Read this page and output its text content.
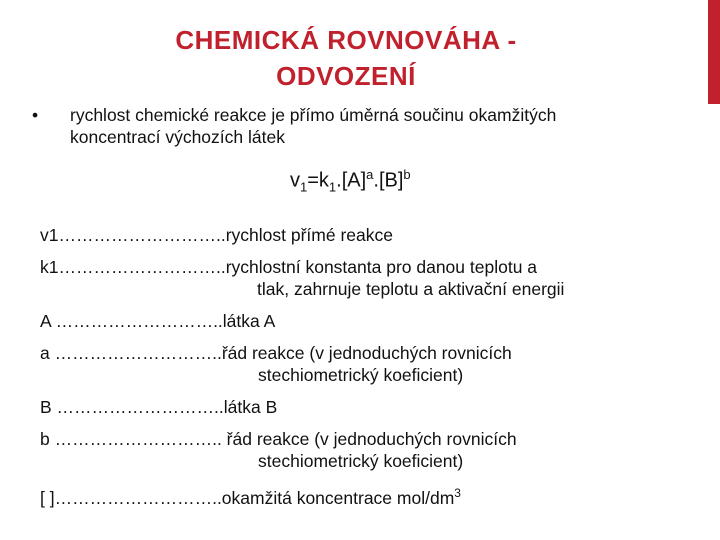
CHEMICKÁ ROVNOVÁHA -
ODVOZENÍ
• rychlost chemické reakce je přímo úměrná součinu okamžitých
koncentrací výchozích látek
$v_1=k_1.[A]^a.[B]^b$
v1………………………..rychlost přímé reakce
k1………………………..rychlostní konstanta pro danou teplotu a
tlak, zahrnuje teplotu a aktivační energii
A ………………………..látka A
a ………………………..řád reakce (v jednoduchých rovnicích
stechiometrický koeficient)
B ………………………..látka B
b ……………………….. řád reakce (v jednoduchých rovnicích
stechiometrický koeficient)
[ ]………………………..okamžitá koncentrace mol/$dm^3$
